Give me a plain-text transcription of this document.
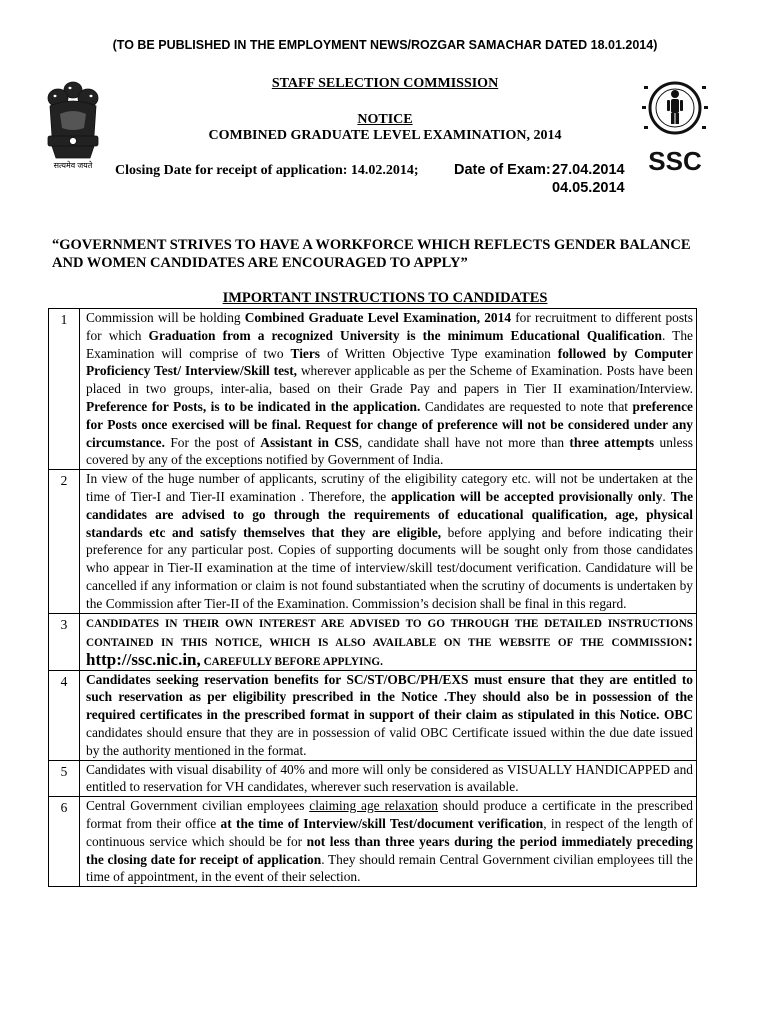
(TO BE PUBLISHED IN THE EMPLOYMENT NEWS/ROZGAR SAMACHAR DATED 18.01.2014)
सत्यमेव जयते	SSC
STAFF SELECTION COMMISSION
NOTICE
COMBINED GRADUATE LEVEL EXAMINATION, 2014
Closing Date for receipt of application: 14.02.2014; Date of Exam: 27.04.2014
04.05.2014
“GOVERNMENT STRIVES TO HAVE A WORKFORCE WHICH REFLECTS GENDER BALANCE AND WOMEN CANDIDATES ARE ENCOURAGED TO APPLY”
IMPORTANT INSTRUCTIONS TO CANDIDATES
1	Commission will be holding Combined Graduate Level Examination, 2014 for recruitment to different posts for which Graduation from a recognized University is the minimum Educational Qualification. The Examination will comprise of two Tiers of Written Objective Type examination followed by Computer Proficiency Test/ Interview/Skill test, wherever applicable as per the Scheme of Examination. Posts have been placed in two groups, inter-alia, based on their Grade Pay and papers in Tier II examination/Interview. Preference for Posts, is to be indicated in the application. Candidates are requested to note that preference for Posts once exercised will be final. Request for change of preference will not be considered under any circumstance. For the post of Assistant in CSS, candidate shall have not more than three attempts unless covered by any of the exceptions notified by Government of India.
2	In view of the huge number of applicants, scrutiny of the eligibility category etc. will not be undertaken at the time of Tier-I and Tier-II examination . Therefore, the application will be accepted provisionally only. The candidates are advised to go through the requirements of educational qualification, age, physical standards etc and satisfy themselves that they are eligible, before applying and before indicating their preference for any particular post. Copies of supporting documents will be sought only from those candidates who appear in Tier-II examination at the time of interview/skill test/document verification. Candidature will be cancelled if any information or claim is not found substantiated when the scrutiny of documents is undertaken by the Commission after Tier-II of the Examination. Commission’s decision shall be final in this regard.
3	CANDIDATES IN THEIR OWN INTEREST ARE ADVISED TO GO THROUGH THE DETAILED INSTRUCTIONS CONTAINED IN THIS NOTICE, WHICH IS ALSO AVAILABLE ON THE WEBSITE OF THE COMMISSION: http://ssc.nic.in, CAREFULLY BEFORE APPLYING.
4	Candidates seeking reservation benefits for SC/ST/OBC/PH/EXS must ensure that they are entitled to such reservation as per eligibility prescribed in the Notice .They should also be in possession of the required certificates in the prescribed format in support of their claim as stipulated in this Notice. OBC candidates should ensure that they are in possession of valid OBC Certificate issued within the due date issued by the authority mentioned in the format.
5	Candidates with visual disability of 40% and more will only be considered as VISUALLY HANDICAPPED and entitled to reservation for VH candidates, wherever such reservation is available.
6	Central Government civilian employees claiming age relaxation should produce a certificate in the prescribed format from their office at the time of Interview/skill Test/document verification, in respect of the length of continuous service which should be for not less than three years during the period immediately preceding the closing date for receipt of application. They should remain Central Government civilian employees till the time of appointment, in the event of their selection.
